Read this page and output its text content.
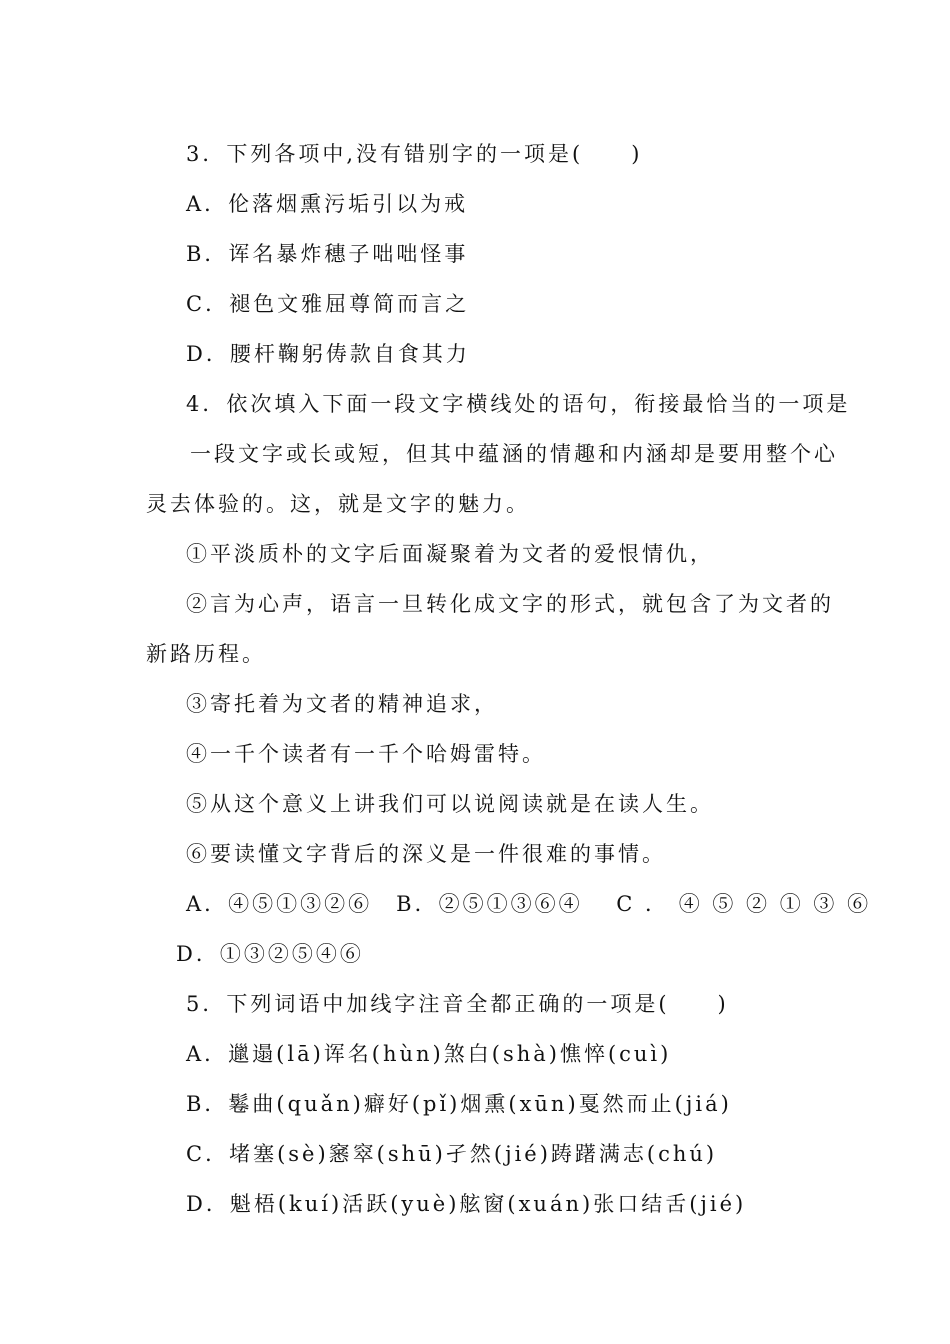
3．下列各项中,没有错别字的一项是(　　)
A．伦落烟熏污垢引以为戒
B．诨名暴炸穗子咄咄怪事
C．褪色文雅屈尊简而言之
D．腰杆鞠躬俦款自食其力
4．依次填入下面一段文字横线处的语句，衔接最恰当的一项是
一段文字或长或短，但其中蕴涵的情趣和内涵却是要用整个心
灵去体验的。这，就是文字的魅力。
①平淡质朴的文字后面凝聚着为文者的爱恨情仇，
②言为心声，语言一旦转化成文字的形式，就包含了为文者的
新路历程。
③寄托着为文者的精神追求，
④一千个读者有一千个哈姆雷特。
⑤从这个意义上讲我们可以说阅读就是在读人生。
⑥要读懂文字背后的深义是一件很难的事情。
A．④⑤①③②⑥　B．②⑤①③⑥④　 C ． ④ ⑤ ② ① ③ ⑥
D．①③②⑤④⑥
5．下列词语中加线字注音全都正确的一项是(　　)
A．邋遢(lā)诨名(hùn)煞白(shà)憔悴(cuì)
B．鬈曲(quǎn)癖好(pǐ)烟熏(xūn)戛然而止(jiá)
C．堵塞(sè)窸窣(shū)孑然(jié)踌躇满志(chú)
D．魁梧(kuí)活跃(yuè)舷窗(xuán)张口结舌(jié)
